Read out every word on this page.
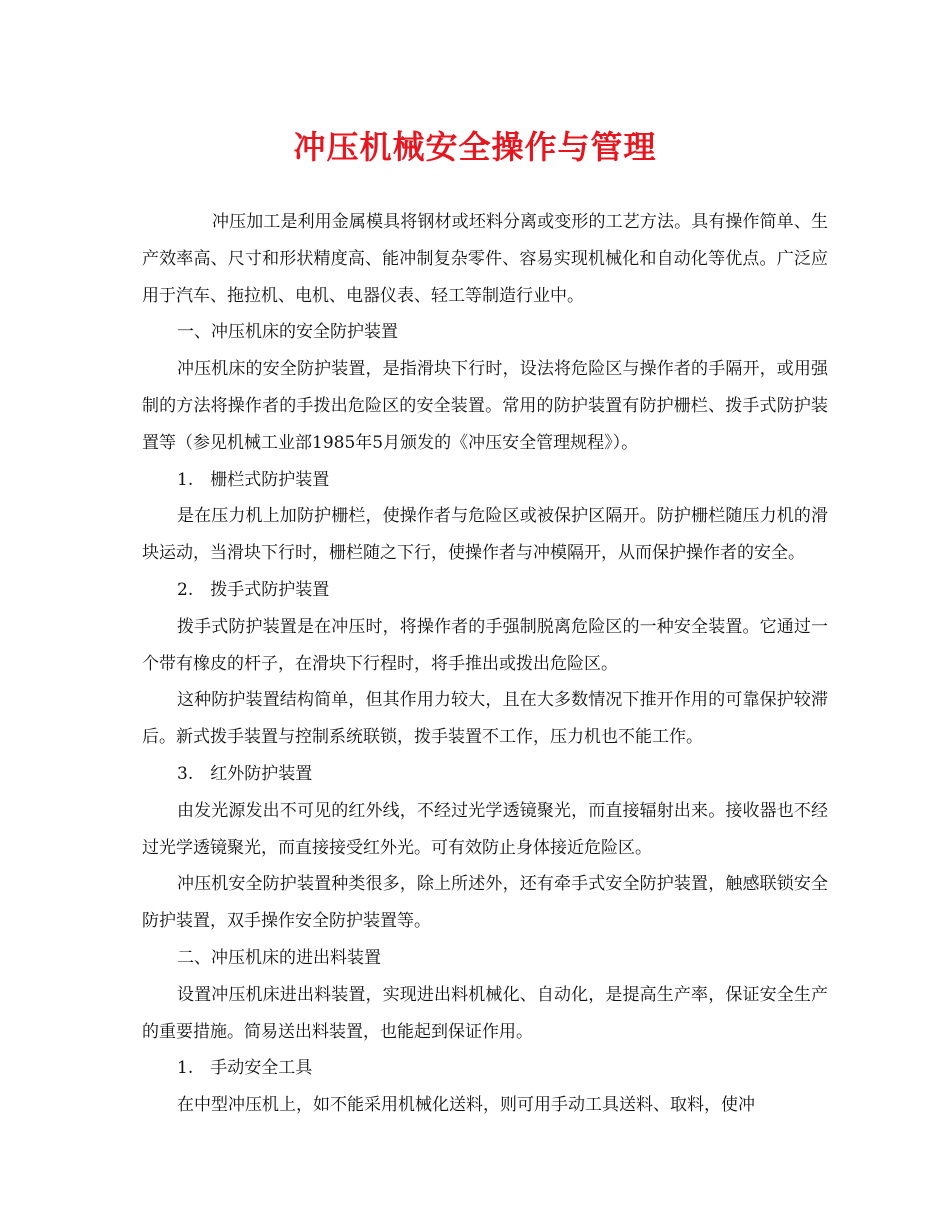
冲压机械安全操作与管理

冲压加工是利用金属模具将钢材或坯料分离或变形的工艺方法。具有操作简单、生产效率高、尺寸和形状精度高、能冲制复杂零件、容易实现机械化和自动化等优点。广泛应用于汽车、拖拉机、电机、电器仪表、轻工等制造行业中。

一、冲压机床的安全防护装置

冲压机床的安全防护装置，是指滑块下行时，设法将危险区与操作者的手隔开，或用强制的方法将操作者的手拨出危险区的安全装置。常用的防护装置有防护栅栏、拨手式防护装置等（参见机械工业部1985年5月颁发的《冲压安全管理规程》）。

1.　栅栏式防护装置

是在压力机上加防护栅栏，使操作者与危险区或被保护区隔开。防护栅栏随压力机的滑块运动，当滑块下行时，栅栏随之下行，使操作者与冲模隔开，从而保护操作者的安全。

2.　拨手式防护装置

拨手式防护装置是在冲压时，将操作者的手强制脱离危险区的一种安全装置。它通过一个带有橡皮的杆子，在滑块下行程时，将手推出或拨出危险区。

这种防护装置结构简单，但其作用力较大，且在大多数情况下推开作用的可靠保护较滞后。新式拨手装置与控制系统联锁，拨手装置不工作，压力机也不能工作。

3.　红外防护装置

由发光源发出不可见的红外线，不经过光学透镜聚光，而直接辐射出来。接收器也不经过光学透镜聚光，而直接接受红外光。可有效防止身体接近危险区。

冲压机安全防护装置种类很多，除上所述外，还有牵手式安全防护装置，触感联锁安全防护装置，双手操作安全防护装置等。

二、冲压机床的进出料装置

设置冲压机床进出料装置，实现进出料机械化、自动化，是提高生产率，保证安全生产的重要措施。简易送出料装置，也能起到保证作用。

1.　手动安全工具

在中型冲压机上，如不能采用机械化送料，则可用手动工具送料、取料，使冲
